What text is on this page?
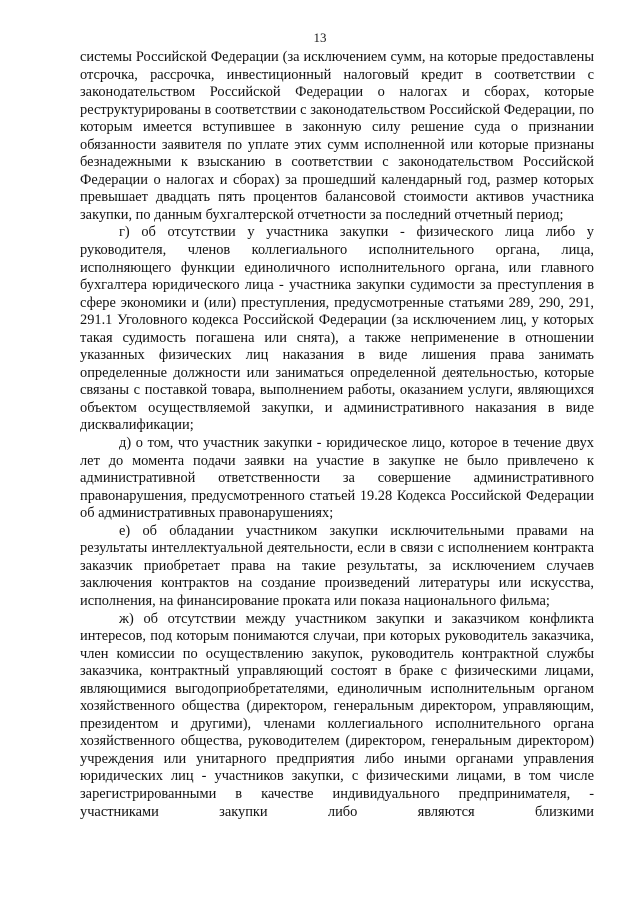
13

системы Российской Федерации (за исключением сумм, на которые предоставлены отсрочка, рассрочка, инвестиционный налоговый кредит в соответствии с законодательством Российской Федерации о налогах и сборах, которые реструктурированы в соответствии с законодательством Российской Федерации, по которым имеется вступившее в законную силу решение суда о признании обязанности заявителя по уплате этих сумм исполненной или которые признаны безнадежными к взысканию в соответствии с законодательством Российской Федерации о налогах и сборах) за прошедший календарный год, размер которых превышает двадцать пять процентов балансовой стоимости активов участника закупки, по данным бухгалтерской отчетности за последний отчетный период;

г) об отсутствии у участника закупки - физического лица либо у руководителя, членов коллегиального исполнительного органа, лица, исполняющего функции единоличного исполнительного органа, или главного бухгалтера юридического лица - участника закупки судимости за преступления в сфере экономики и (или) преступления, предусмотренные статьями 289, 290, 291, 291.1 Уголовного кодекса Российской Федерации (за исключением лиц, у которых такая судимость погашена или снята), а также неприменение в отношении указанных физических лиц наказания в виде лишения права занимать определенные должности или заниматься определенной деятельностью, которые связаны с поставкой товара, выполнением работы, оказанием услуги, являющихся объектом осуществляемой закупки, и административного наказания в виде дисквалификации;

д) о том, что участник закупки - юридическое лицо, которое в течение двух лет до момента подачи заявки на участие в закупке не было привлечено к административной ответственности за совершение административного правонарушения, предусмотренного статьей 19.28 Кодекса Российской Федерации об административных правонарушениях;

е) об обладании участником закупки исключительными правами на результаты интеллектуальной деятельности, если в связи с исполнением контракта заказчик приобретает права на такие результаты, за исключением случаев заключения контрактов на создание произведений литературы или искусства, исполнения, на финансирование проката или показа национального фильма;

ж) об отсутствии между участником закупки и заказчиком конфликта интересов, под которым понимаются случаи, при которых руководитель заказчика, член комиссии по осуществлению закупок, руководитель контрактной службы заказчика, контрактный управляющий состоят в браке с физическими лицами, являющимися выгодоприобретателями, единоличным исполнительным органом хозяйственного общества (директором, генеральным директором, управляющим, президентом и другими), членами коллегиального исполнительного органа хозяйственного общества, руководителем (директором, генеральным директором) учреждения или унитарного предприятия либо иными органами управления юридических лиц - участников закупки, с физическими лицами, в том числе зарегистрированными в качестве индивидуального предпринимателя, - участниками закупки либо являются близкими
